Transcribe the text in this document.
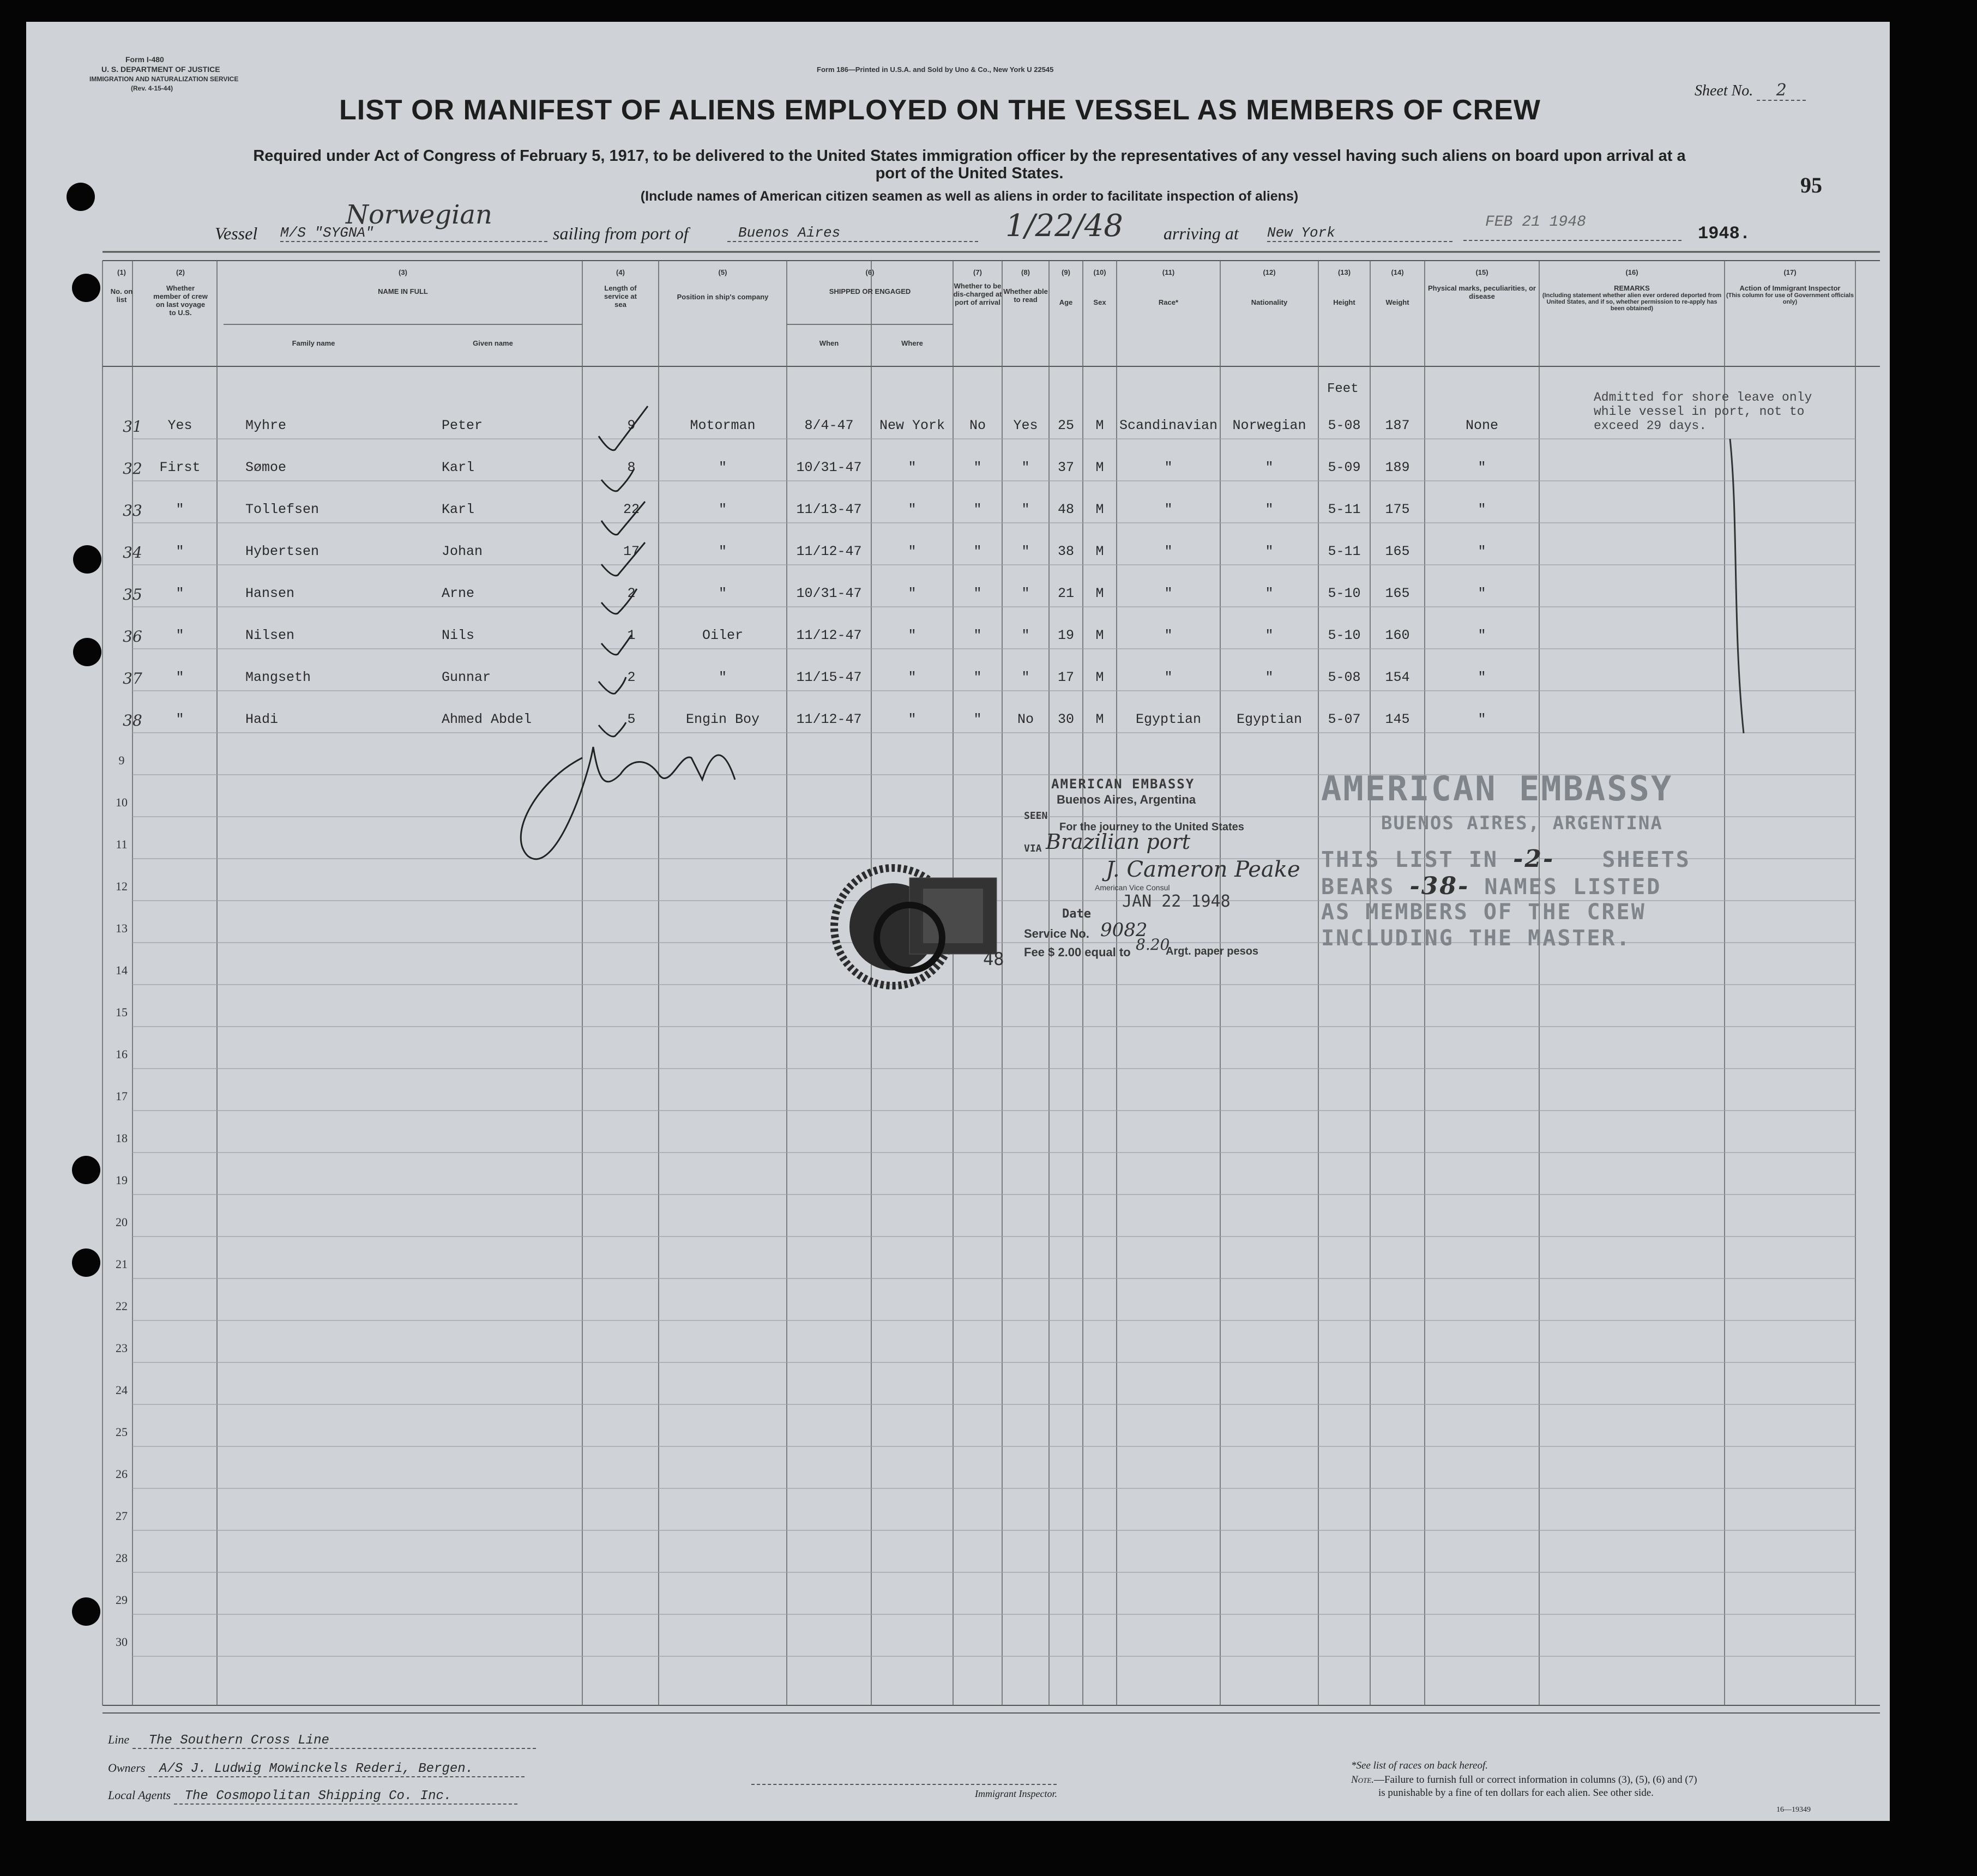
Form I-480
U. S. DEPARTMENT OF JUSTICE
IMMIGRATION AND NATURALIZATION SERVICE
(Rev. 4-15-44)
Form 186—Printed in U.S.A. and Sold by Uno & Co., New York U 22545
Sheet No. 2
LIST OR MANIFEST OF ALIENS EMPLOYED ON THE VESSEL AS MEMBERS OF CREW
Required under Act of Congress of February 5, 1917, to be delivered to the United States immigration officer by the representatives of any vessel having such aliens on board upon arrival at a
port of the United States.
(Include names of American citizen seamen as well as aliens in order to facilitate inspection of aliens)	95
Vessel
Norwegian
M/S "SYGNA"	sailing from port of	Buenos Aires	1/22/48 arriving at New York
FEB 21 1948
1948.
(1)
No. on list
(2)
Whether member of crew on last voyage to U.S.
(3)
NAME IN FULL
Family name	Given name
(4)
Length of service at sea
(5)
Position in ship's company
(6)
SHIPPED OR ENGAGED
When	Where
(7)
Whether to be dis-charged at port of arrival
(8)
Whether able to read
(9)
Age
(10)
Sex
(11)
Race*
(12)
Nationality
(13)
Height
(14)
Weight
(15)
Physical marks, peculiarities, or disease
(16)
REMARKS
(Including statement whether alien ever ordered deported from United States, and if so, whether permission to re-apply has been obtained)
(17)
Action of Immigrant Inspector
(This column for use of Government officials only)
Feet
31	Yes	Myhre	Peter	9	Motorman	8/4-47	New York	No	Yes	25	M	Scandinavian	Norwegian	5-08	187	None
32	First	Sømoe	Karl	8	"	10/31-47	"	"	"	37	M	"	"	5-09	189	"
33	"	Tollefsen	Karl	22	"	11/13-47	"	"	"	48	M	"	"	5-11	175	"
34	"	Hybertsen	Johan	17	"	11/12-47	"	"	"	38	M	"	"	5-11	165	"
35	"	Hansen	Arne	2	"	10/31-47	"	"	"	21	M	"	"	5-10	165	"
36	"	Nilsen	Nils	1	Oiler	11/12-47	"	"	"	19	M	"	"	5-10	160	"
37	"	Mangseth	Gunnar	2	"	11/15-47	"	"	"	17	M	"	"	5-08	154	"
38	"	Hadi	Ahmed Abdel	5	Engin Boy	11/12-47	"	"	No	30	M	Egyptian	Egyptian	5-07	145	"
9
10
11
12
13
14
15
16
17
18
19
20
21
22
23
24
25
26
27
28
29
30
Admitted for shore leave only while vessel in port, not to exceed 29 days.
AMERICAN EMBASSY
Buenos Aires, Argentina
SEEN
For the journey to the United States
VIA Brazilian port
J. Cameron Peake
American Vice Consul
JAN 22 1948
Date
Service No. 9082
Fee $ 2.00 equal to 8.20
Argt. paper pesos
48
AMERICAN EMBASSY
BUENOS AIRES, ARGENTINA
THIS LIST IN -2- SHEETS
BEARS -38- NAMES LISTED
AS MEMBERS OF THE CREW
INCLUDING THE MASTER.
Line The Southern Cross Line
Owners A/S J. Ludwig Mowinckels Rederi, Bergen.
Local Agents The Cosmopolitan Shipping Co. Inc.	Immigrant Inspector.
*See list of races on back hereof.
Note.—Failure to furnish full or correct information in columns (3), (5), (6) and (7)
is punishable by a fine of ten dollars for each alien. See other side.
16—19349
